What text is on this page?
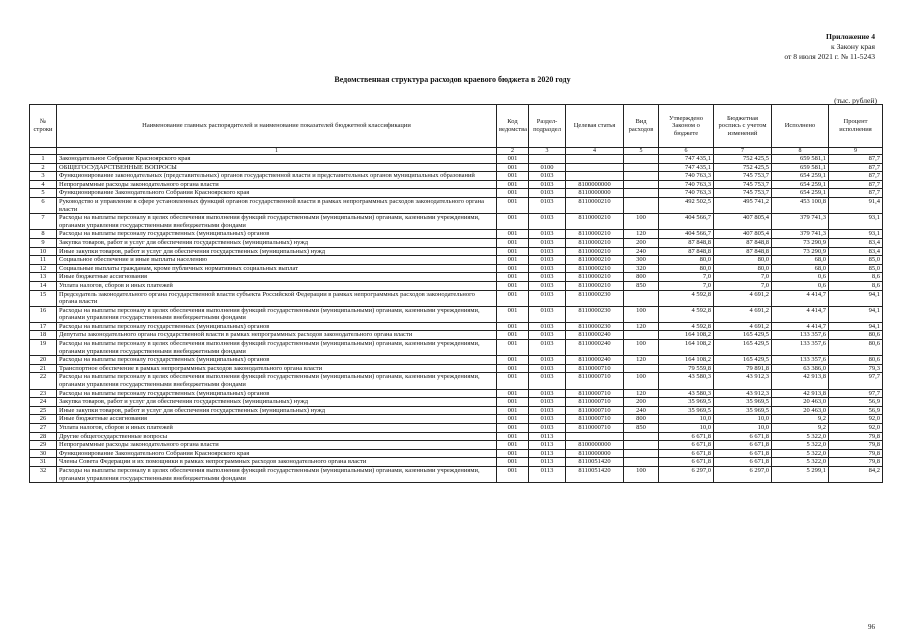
Приложение 4
к Закону края
от 8 июля 2021 г. № 11-5243
Ведомственная структура расходов краевого бюджета в 2020 году
(тыс. рублей)
№ строки	Наименование главных распорядителей и наименование показателей бюджетной классификации	Код ведомства	Раздел-подраздел	Целевая статья	Вид расходов	Утверждено Законом о бюджете	Бюджетная роспись с учетом изменений	Исполнено	Процент исполнения
	1	2	3	4	5	6	7	8	9
1	Законодательное Собрание Красноярского края	001				747 435,1	752 425,5	659 581,1	87,7
2	ОБЩЕГОСУДАРСТВЕННЫЕ ВОПРОСЫ	001	0100			747 435,1	752 425,5	659 581,1	87,7
3	Функционирование законодательных (представительных) органов государственной власти и представительных органов муниципальных образований	001	0103			740 763,3	745 753,7	654 259,1	87,7
4	Непрограммные расходы законодательного органа власти	001	0103	8100000000		740 763,3	745 753,7	654 259,1	87,7
5	Функционирование Законодательного Собрания Красноярского края	001	0103	8110000000		740 763,3	745 753,7	654 259,1	87,7
6	Руководство и управление в сфере установленных функций органов государственной власти в рамках непрограммных расходов законодательного органа власти	001	0103	8110000210		492 502,5	495 741,2	453 100,8	91,4
7	Расходы на выплаты персоналу в целях обеспечения выполнения функций государственными (муниципальными) органами, казенными учреждениями, органами управления государственными внебюджетными фондами	001	0103	8110000210	100	404 566,7	407 805,4	379 741,3	93,1
8	Расходы на выплаты персоналу государственных (муниципальных) органов	001	0103	8110000210	120	404 566,7	407 805,4	379 741,3	93,1
9	Закупка товаров, работ и услуг для обеспечения государственных (муниципальных) нужд	001	0103	8110000210	200	87 848,8	87 848,8	73 290,9	83,4
10	Иные закупки товаров, работ и услуг для обеспечения государственных (муниципальных) нужд	001	0103	8110000210	240	87 848,8	87 848,8	73 290,9	83,4
11	Социальное обеспечение и иные выплаты населению	001	0103	8110000210	300	80,0	80,0	68,0	85,0
12	Социальные выплаты гражданам, кроме публичных нормативных социальных выплат	001	0103	8110000210	320	80,0	80,0	68,0	85,0
13	Иные бюджетные ассигнования	001	0103	8110000210	800	7,0	7,0	0,6	8,6
14	Уплата налогов, сборов и иных платежей	001	0103	8110000210	850	7,0	7,0	0,6	8,6
15	Председатель законодательного органа государственной власти субъекта Российской Федерации в рамках непрограммных расходов законодательного органа власти	001	0103	8110000230		4 592,8	4 691,2	4 414,7	94,1
16	Расходы на выплаты персоналу в целях обеспечения выполнения функций государственными (муниципальными) органами, казенными учреждениями, органами управления государственными внебюджетными фондами	001	0103	8110000230	100	4 592,8	4 691,2	4 414,7	94,1
17	Расходы на выплаты персоналу государственных (муниципальных) органов	001	0103	8110000230	120	4 592,8	4 691,2	4 414,7	94,1
18	Депутаты законодательного органа государственной власти в рамках непрограммных расходов законодательного органа власти	001	0103	8110000240		164 108,2	165 429,5	133 357,6	80,6
19	Расходы на выплаты персоналу в целях обеспечения выполнения функций государственными (муниципальными) органами, казенными учреждениями, органами управления государственными внебюджетными фондами	001	0103	8110000240	100	164 108,2	165 429,5	133 357,6	80,6
20	Расходы на выплаты персоналу государственных (муниципальных) органов	001	0103	8110000240	120	164 108,2	165 429,5	133 357,6	80,6
21	Транспортное обеспечение в рамках непрограммных расходов законодательного органа власти	001	0103	8110000710		79 559,8	79 891,8	63 386,0	79,3
22	Расходы на выплаты персоналу в целях обеспечения выполнения функций государственными (муниципальными) органами, казенными учреждениями, органами управления государственными внебюджетными фондами	001	0103	8110000710	100	43 580,3	43 912,3	42 913,8	97,7
23	Расходы на выплаты персоналу государственных (муниципальных) органов	001	0103	8110000710	120	43 580,3	43 912,3	42 913,8	97,7
24	Закупка товаров, работ и услуг для обеспечения государственных (муниципальных) нужд	001	0103	8110000710	200	35 969,5	35 969,5	20 463,0	56,9
25	Иные закупки товаров, работ и услуг для обеспечения государственных (муниципальных) нужд	001	0103	8110000710	240	35 969,5	35 969,5	20 463,0	56,9
26	Иные бюджетные ассигнования	001	0103	8110000710	800	10,0	10,0	9,2	92,0
27	Уплата налогов, сборов и иных платежей	001	0103	8110000710	850	10,0	10,0	9,2	92,0
28	Другие общегосударственные вопросы	001	0113			6 671,8	6 671,8	5 322,0	79,8
29	Непрограммные расходы законодательного органа власти	001	0113	8100000000		6 671,8	6 671,8	5 322,0	79,8
30	Функционирование Законодательного Собрания Красноярского края	001	0113	8110000000		6 671,8	6 671,8	5 322,0	79,8
31	Члены Совета Федерации и их помощники в рамках непрограммных расходов законодательного органа власти	001	0113	8110051420		6 671,8	6 671,8	5 322,0	79,8
32	Расходы на выплаты персоналу в целях обеспечения выполнения функций государственными (муниципальными) органами, казенными учреждениями, органами управления государственными внебюджетными фондами	001	0113	8110051420	100	6 297,0	6 297,0	5 299,1	84,2
96
